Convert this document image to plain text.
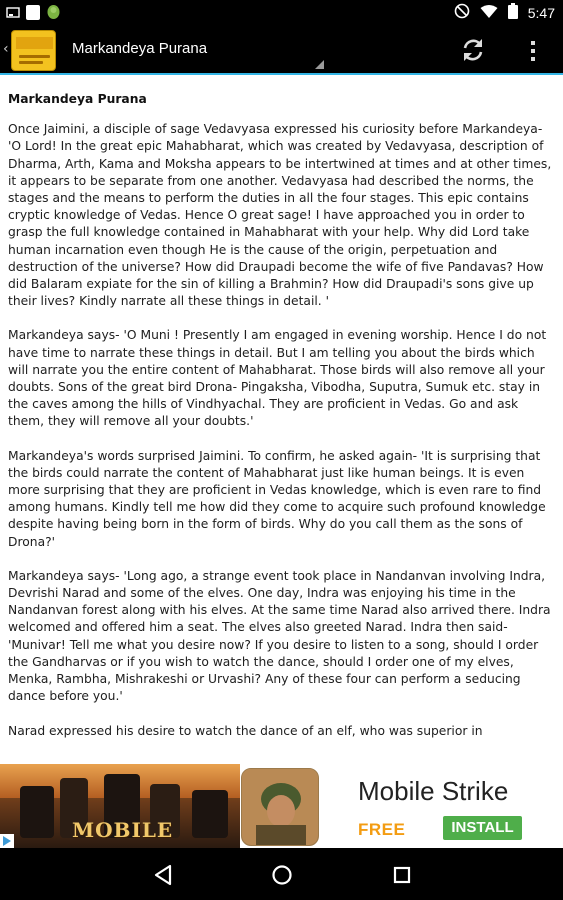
5:47
‹	Markandeya Purana
Markandeya Purana

Once Jaimini, a disciple of sage Vedavyasa expressed his curiosity before Markandeya- 'O Lord! In the great epic Mahabharat, which was created by Vedavyasa, description of Dharma, Arth, Kama and Moksha appears to be intertwined at times and at other times, it appears to be separate from one another. Vedavyasa had described the norms, the stages and the means to perform the duties in all the four stages. This epic contains cryptic knowledge of Vedas. Hence O great sage! I have approached you in order to grasp the full knowledge contained in Mahabharat with your help. Why did Lord take human incarnation even though He is the cause of the origin, perpetuation and destruction of the universe? How did Draupadi become the wife of five Pandavas? How did Balaram expiate for the sin of killing a Brahmin? How did Draupadi's sons give up their lives? Kindly narrate all these things in detail. '

Markandeya says- 'O Muni ! Presently I am engaged in evening worship. Hence I do not have time to narrate these things in detail. But I am telling you about the birds which will narrate you the entire content of Mahabharat. Those birds will also remove all your doubts. Sons of the great bird Drona- Pingaksha, Vibodha, Suputra, Sumuk etc. stay in the caves among the hills of Vindhyachal. They are proficient in Vedas. Go and ask them, they will remove all your doubts.'

Markandeya's words surprised Jaimini. To confirm, he asked again- 'It is surprising that the birds could narrate the content of Mahabharat just like human beings. It is even more surprising that they are proficient in Vedas knowledge, which is even rare to find among humans. Kindly tell me how did they come to acquire such profound knowledge despite having being born in the form of birds. Why do you call them as the sons of Drona?'

Markandeya says- 'Long ago, a strange event took place in Nandanvan involving Indra, Devrishi Narad and some of the elves. One day, Indra was enjoying his time in the Nandanvan forest along with his elves. At the same time Narad also arrived there. Indra welcomed and offered him a seat. The elves also greeted Narad. Indra then said- 'Munivar! Tell me what you desire now? If you desire to listen to a song, should I order the Gandharvas or if you wish to watch the dance, should I order one of my elves, Menka, Rambha, Mishrakeshi or Urvashi? Any of these four can perform a seducing dance before you.'

Narad expressed his desire to watch the dance of an elf, who was superior in

MOBILE
Mobile Strike
FREE	INSTALL
